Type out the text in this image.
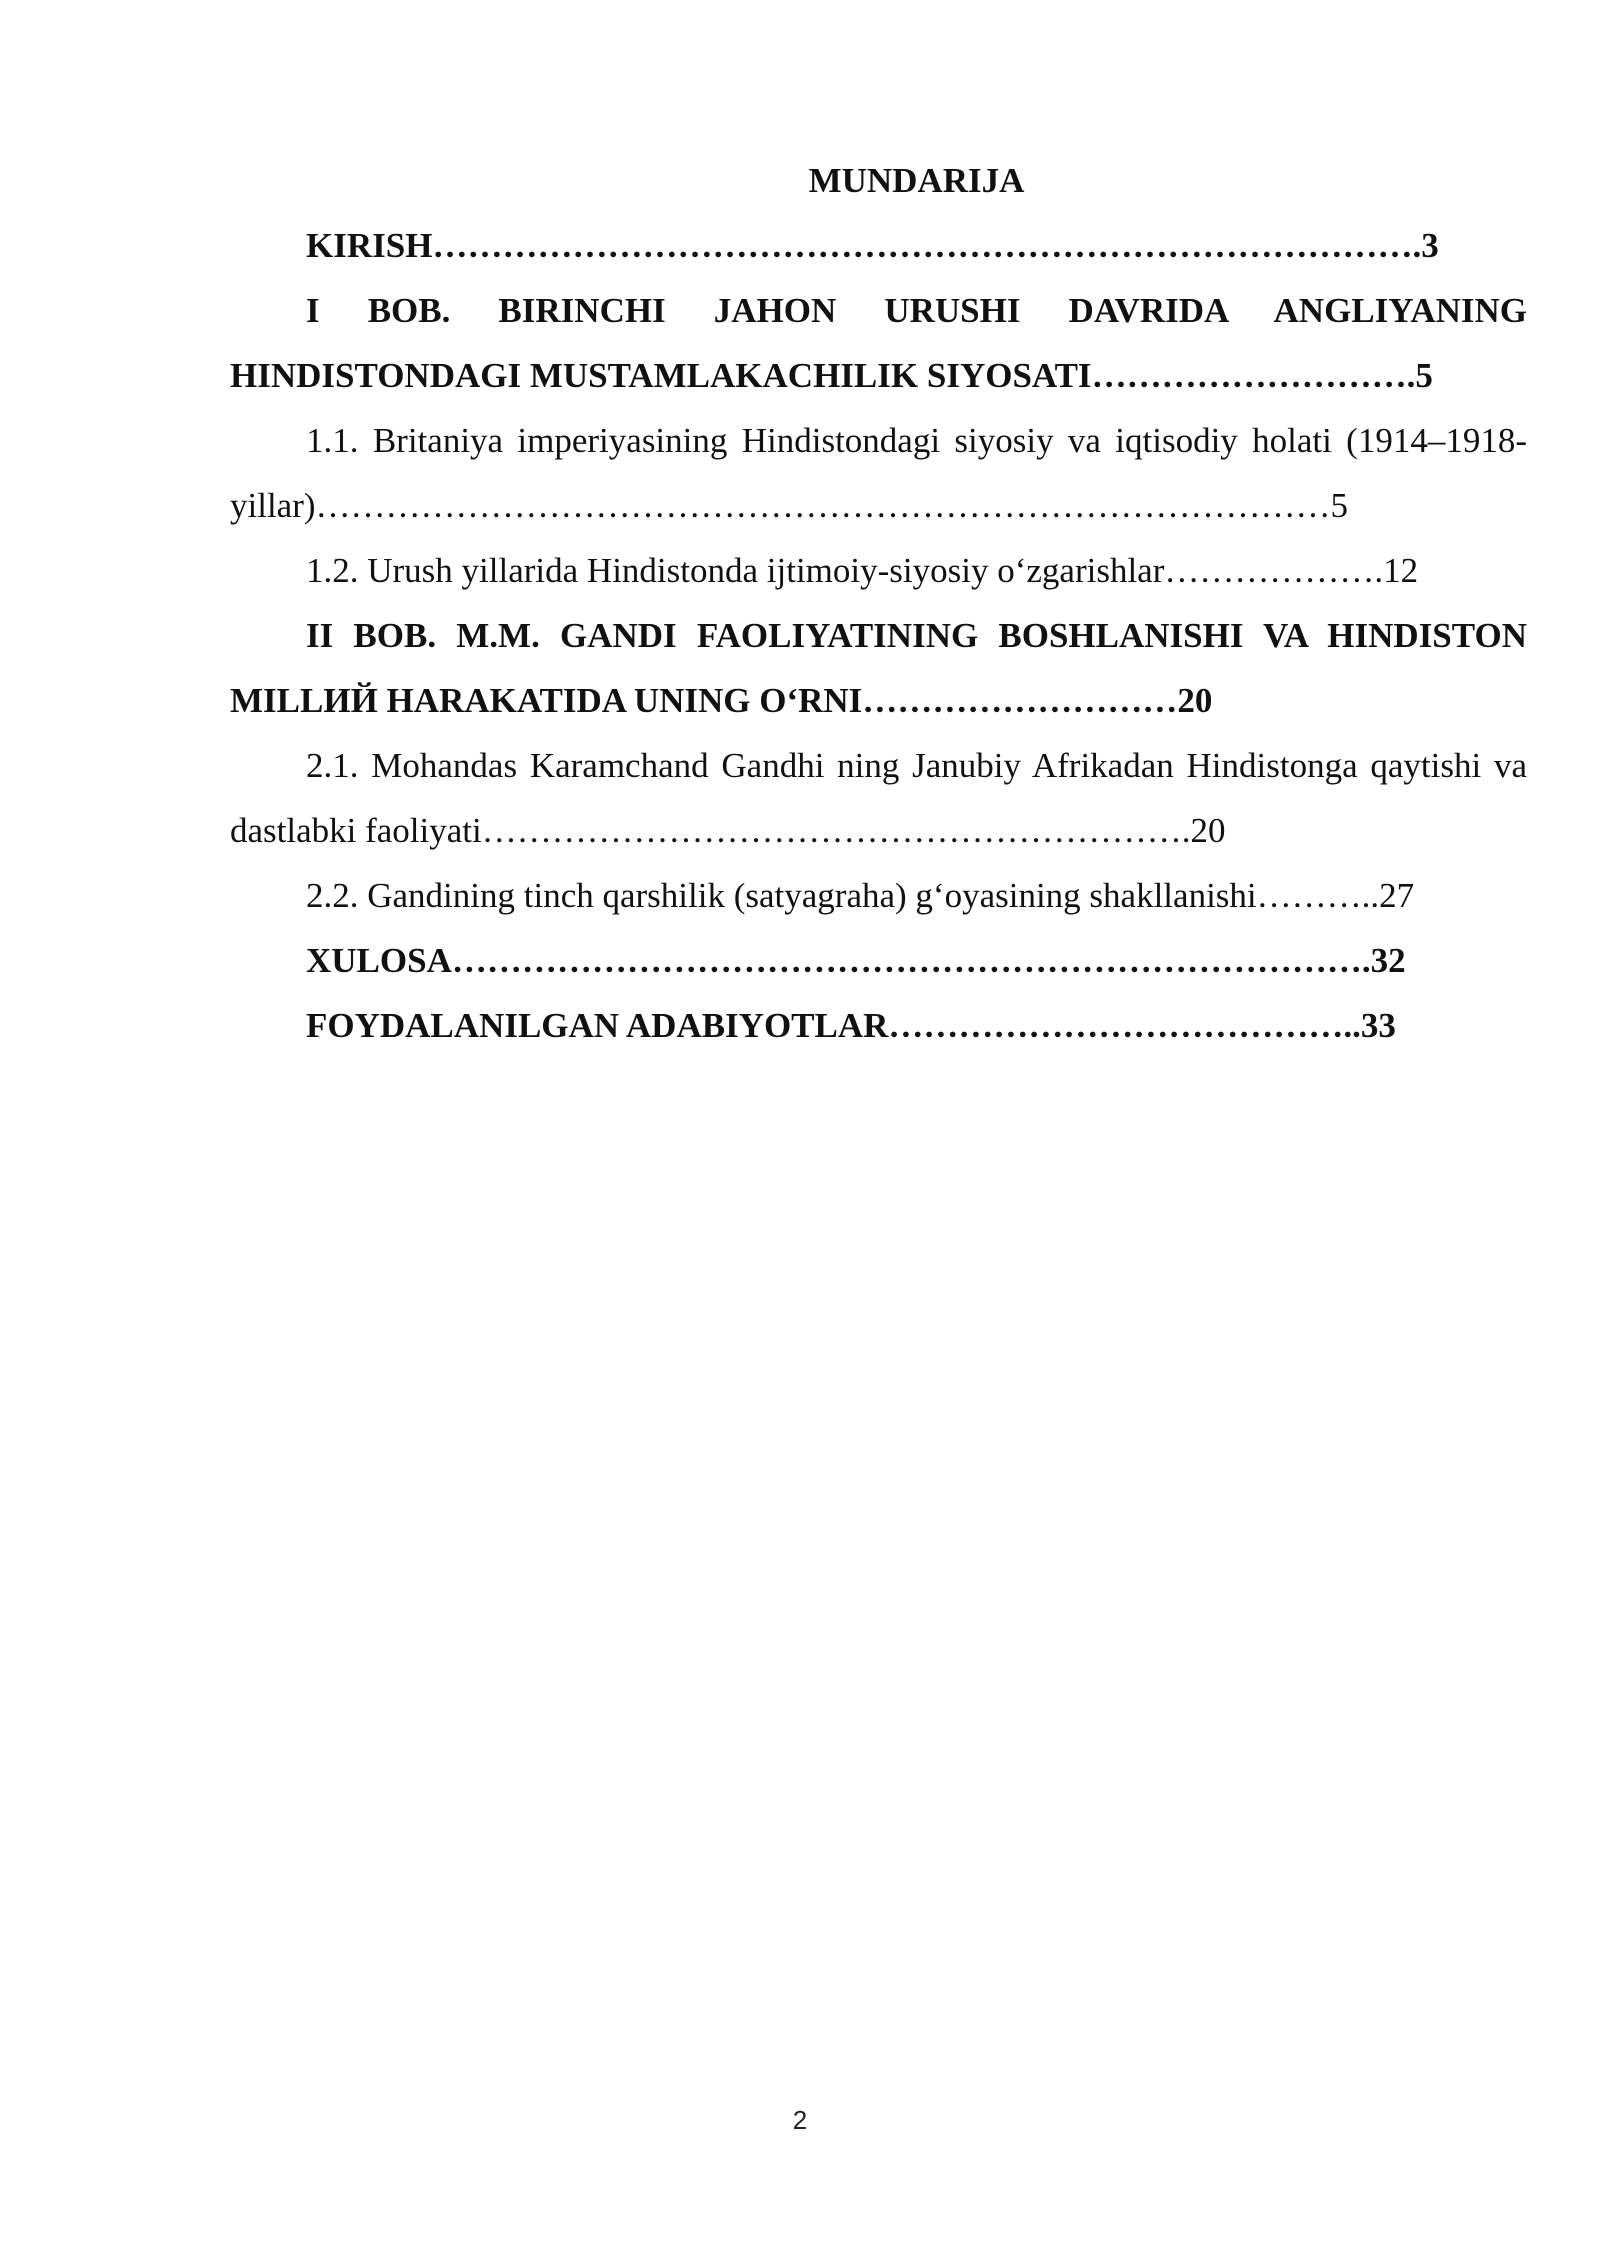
MUNDARIJA
KIRISH………………………………………………………………………….3
I BOB. BIRINCHI JAHON URUSHI DAVRIDA ANGLIYANING HINDISTONDAGI MUSTAMLAKACHILIK SIYOSATI……………………….5
1.1. Britaniya imperiyasining Hindistondagi siyosiy va iqtisodiy holati (1914–1918-yillar)……………………………………………………………………………5
1.2. Urush yillarida Hindistonda ijtimoiy-siyosiy o‘zgarishlar……………….12
II BOB. M.M. GANDI FAOLIYATINING BOSHLANISHI VA HINDISTON MILLИЙ HARAKATIDA UNING O‘RNI………………………20
2.1. Mohandas Karamchand Gandhi ning Janubiy Afrikadan Hindistonga qaytishi va dastlabki faoliyati…………………………………………………….20
2.2. Gandining tinch qarshilik (satyagraha) g‘oyasining shakllanishi………..27
XULOSA…………………………………………………………………….32
FOYDALANILGAN ADABIYOTLAR…………………………………..33
2
